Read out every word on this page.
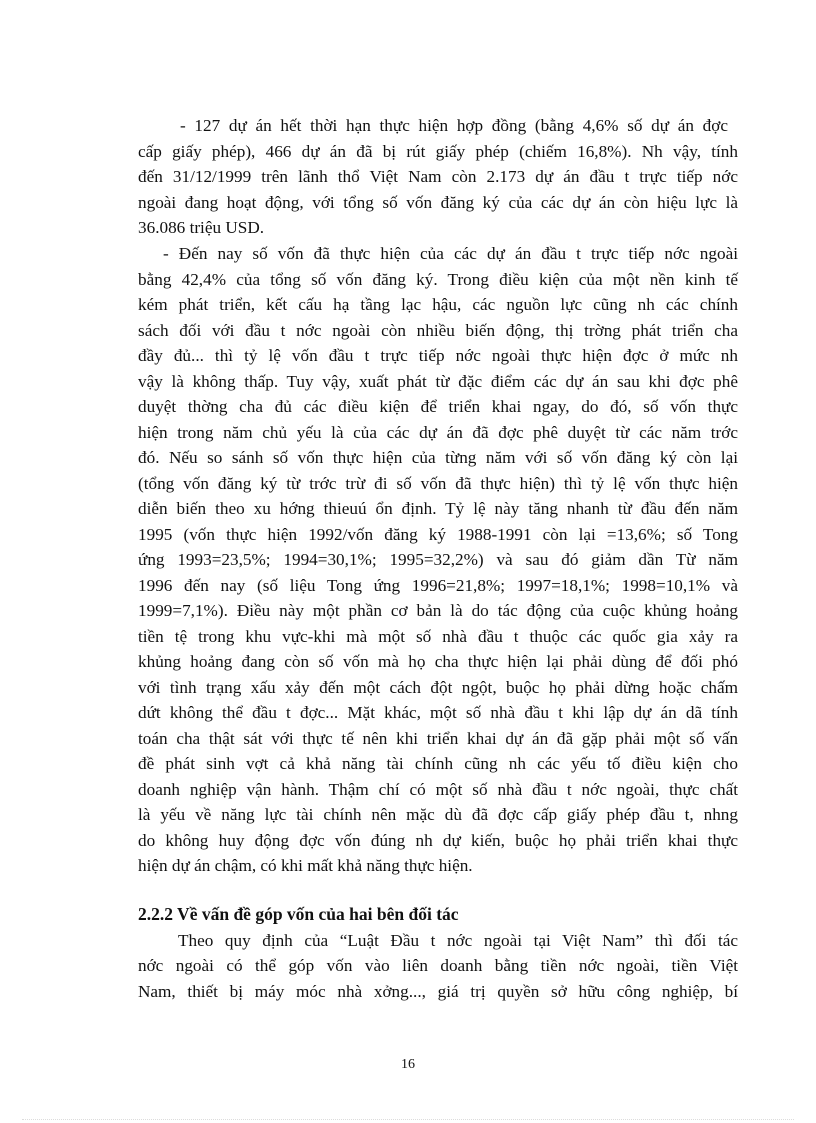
- 127 dự án hết thời hạn thực hiện hợp đồng (bằng 4,6% số dự án đợc
cấp giấy phép), 466 dự án đã bị rút giấy phép (chiếm 16,8%). Nh vậy, tính
đến 31/12/1999 trên lãnh thổ Việt Nam còn 2.173 dự án đầu t trực tiếp nớc
ngoài đang hoạt động, với tổng số vốn đăng ký của các dự án còn hiệu lực là
36.086 triệu USD.
- Đến nay số vốn đã thực hiện của các dự án đầu t trực tiếp nớc ngoài
bằng 42,4% của tổng số vốn đăng ký. Trong điều kiện của một nền kinh tế
kém phát triển, kết cấu hạ tầng lạc hậu, các nguồn lực cũng nh các chính
sách đối với đầu t nớc ngoài còn nhiều biến động, thị trờng phát triển cha
đầy đủ... thì tỷ lệ vốn đầu t trực tiếp nớc ngoài thực hiện đợc ở mức nh
vậy là không thấp. Tuy vậy, xuất phát từ đặc điểm các dự án sau khi đợc phê
duyệt thờng cha đủ các điều kiện để triển khai ngay, do đó, số vốn thực
hiện trong năm chủ yếu là của các dự án đã đợc phê duyệt từ các năm trớc
đó. Nếu so sánh số vốn thực hiện của từng năm với số vốn đăng ký còn lại
(tổng vốn đăng ký từ trớc trừ đi số vốn đã thực hiện) thì tỷ lệ vốn thực hiện
diễn biến theo xu hớng thieuú ổn định. Tỷ lệ này tăng nhanh từ đầu đến năm
1995 (vốn thực hiện 1992/vốn đăng ký 1988-1991 còn lại =13,6%; số Tong
ứng 1993=23,5%; 1994=30,1%; 1995=32,2%) và sau đó giảm dần Từ năm
1996 đến nay (số liệu Tong ứng 1996=21,8%; 1997=18,1%; 1998=10,1% và
1999=7,1%). Điều này một phần cơ bản là do tác động của cuộc khủng hoảng
tiền tệ trong khu vực-khi mà một số nhà đầu t thuộc các quốc gia xảy ra
khủng hoảng đang còn số vốn mà họ cha thực hiện lại phải dùng để đối phó
với tình trạng xấu xảy đến một cách đột ngột, buộc họ phải dừng hoặc chấm
dứt không thể đầu t đợc... Mặt khác, một số nhà đầu t khi lập dự án dã tính
toán cha thật sát với thực tế nên khi triển khai dự án đã gặp phải một số vấn
đề phát sinh vợt cả khả năng tài chính cũng nh các yếu tố điều kiện cho
doanh nghiệp vận hành. Thậm chí có một số nhà đầu t nớc ngoài, thực chất
là yếu về năng lực tài chính nên mặc dù đã đợc cấp giấy phép đầu t, nhng
do không huy động đợc vốn đúng nh dự kiến, buộc họ phải triển khai thực
hiện dự án chậm, có khi mất khả năng thực hiện.
2.2.2 Về vấn đề góp vốn của hai bên đối tác
Theo quy định của “Luật Đầu t nớc ngoài tại Việt Nam” thì đối tác
nớc ngoài có thể góp vốn vào liên doanh bằng tiền nớc ngoài, tiền Việt
Nam, thiết bị máy móc nhà xởng..., giá trị quyền sở hữu công nghiệp, bí
16
